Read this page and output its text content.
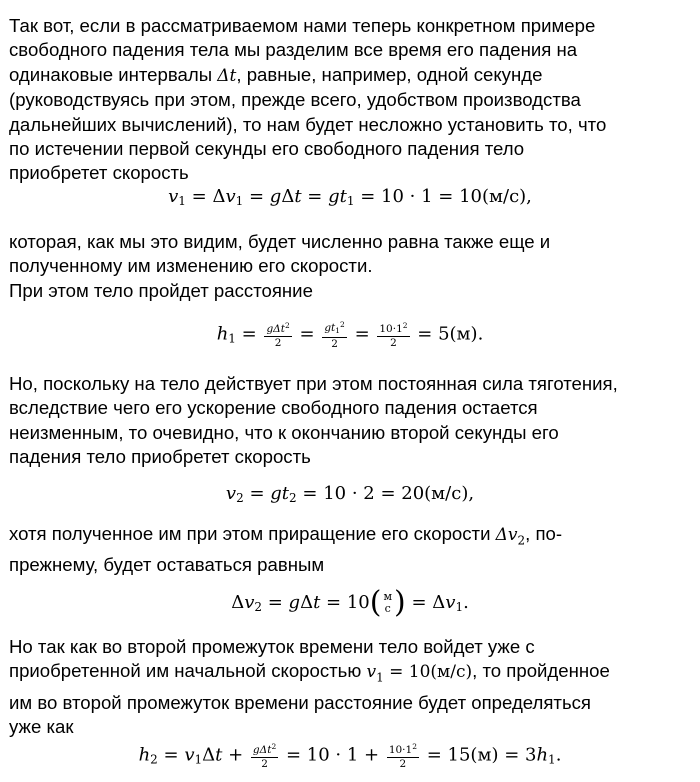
Так вот, если в рассматриваемом нами теперь конкретном примере
свободного падения тела мы разделим все время его падения на
одинаковые интервалы Δt, равные, например, одной секунде
(руководствуясь при этом, прежде всего, удобством производства
дальнейших вычислений), то нам будет несложно установить то, что
по истечении первой секунды его свободного падения тело
приобретет скорость
$v_1 = \Delta v_1 = g\Delta t = gt_1 = 10 \cdot 1 = 10(м/с)$,
которая, как мы это видим, будет численно равна также еще и
полученному им изменению его скорости.
При этом тело пройдет расстояние
$h_1 = \frac{g\Delta t^2}{2} = \frac{gt_1^2}{2} = \frac{10\cdot 1^2}{2} = 5(м)$.
Но, поскольку на тело действует при этом постоянная сила тяготения,
вследствие чего его ускорение свободного падения остается
неизменным, то очевидно, что к окончанию второй секунды его
падения тело приобретет скорость
$v_2 = gt_2 = 10 \cdot 2 = 20(м/с)$,
хотя полученное им при этом приращение его скорости $\Delta v_2$, по-
прежнему, будет оставаться равным
$\Delta v_2 = g\Delta t = 10$( м
с ) = $\Delta v_1$.
Но так как во второй промежуток времени тело войдет уже с
приобретенной им начальной скоростью $v_1 = 10(м/с)$, то пройденное
им во второй промежуток времени расстояние будет определяться
уже как
$h_2 = v_1\Delta t + \frac{g\Delta t^2}{2} = 10 \cdot 1 + \frac{10\cdot 1^2}{2} = 15(м) = 3h_1$.
